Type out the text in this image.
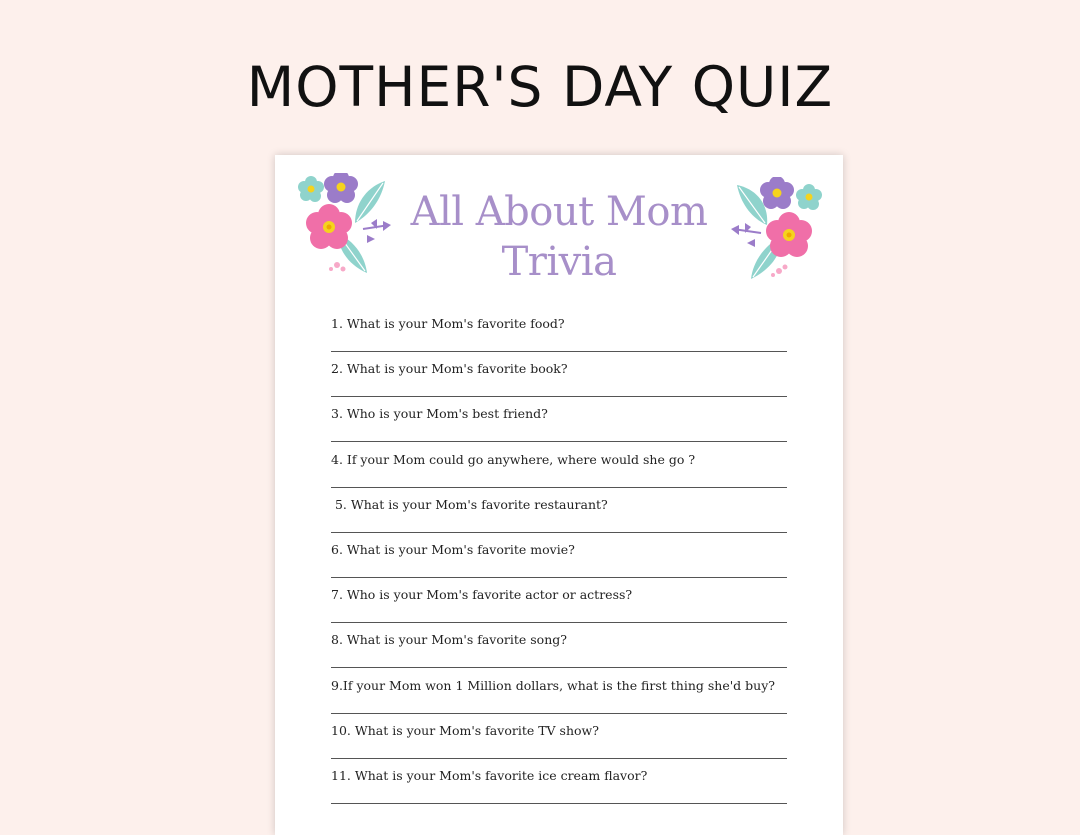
MOTHER'S DAY QUIZ
All About Mom
Trivia
1. What is your Mom's favorite food?
2. What is your Mom's favorite book?
3. Who is your Mom's best friend?
4. If your Mom could go anywhere, where would she go ?
5. What is your Mom's favorite restaurant?
6. What is your Mom's favorite movie?
7. Who is your Mom's favorite actor or actress?
8. What is your Mom's favorite song?
9.If your Mom won 1 Million dollars, what is the first thing she'd buy?
10. What is your Mom's favorite TV show?
11. What is your Mom's favorite ice cream flavor?
